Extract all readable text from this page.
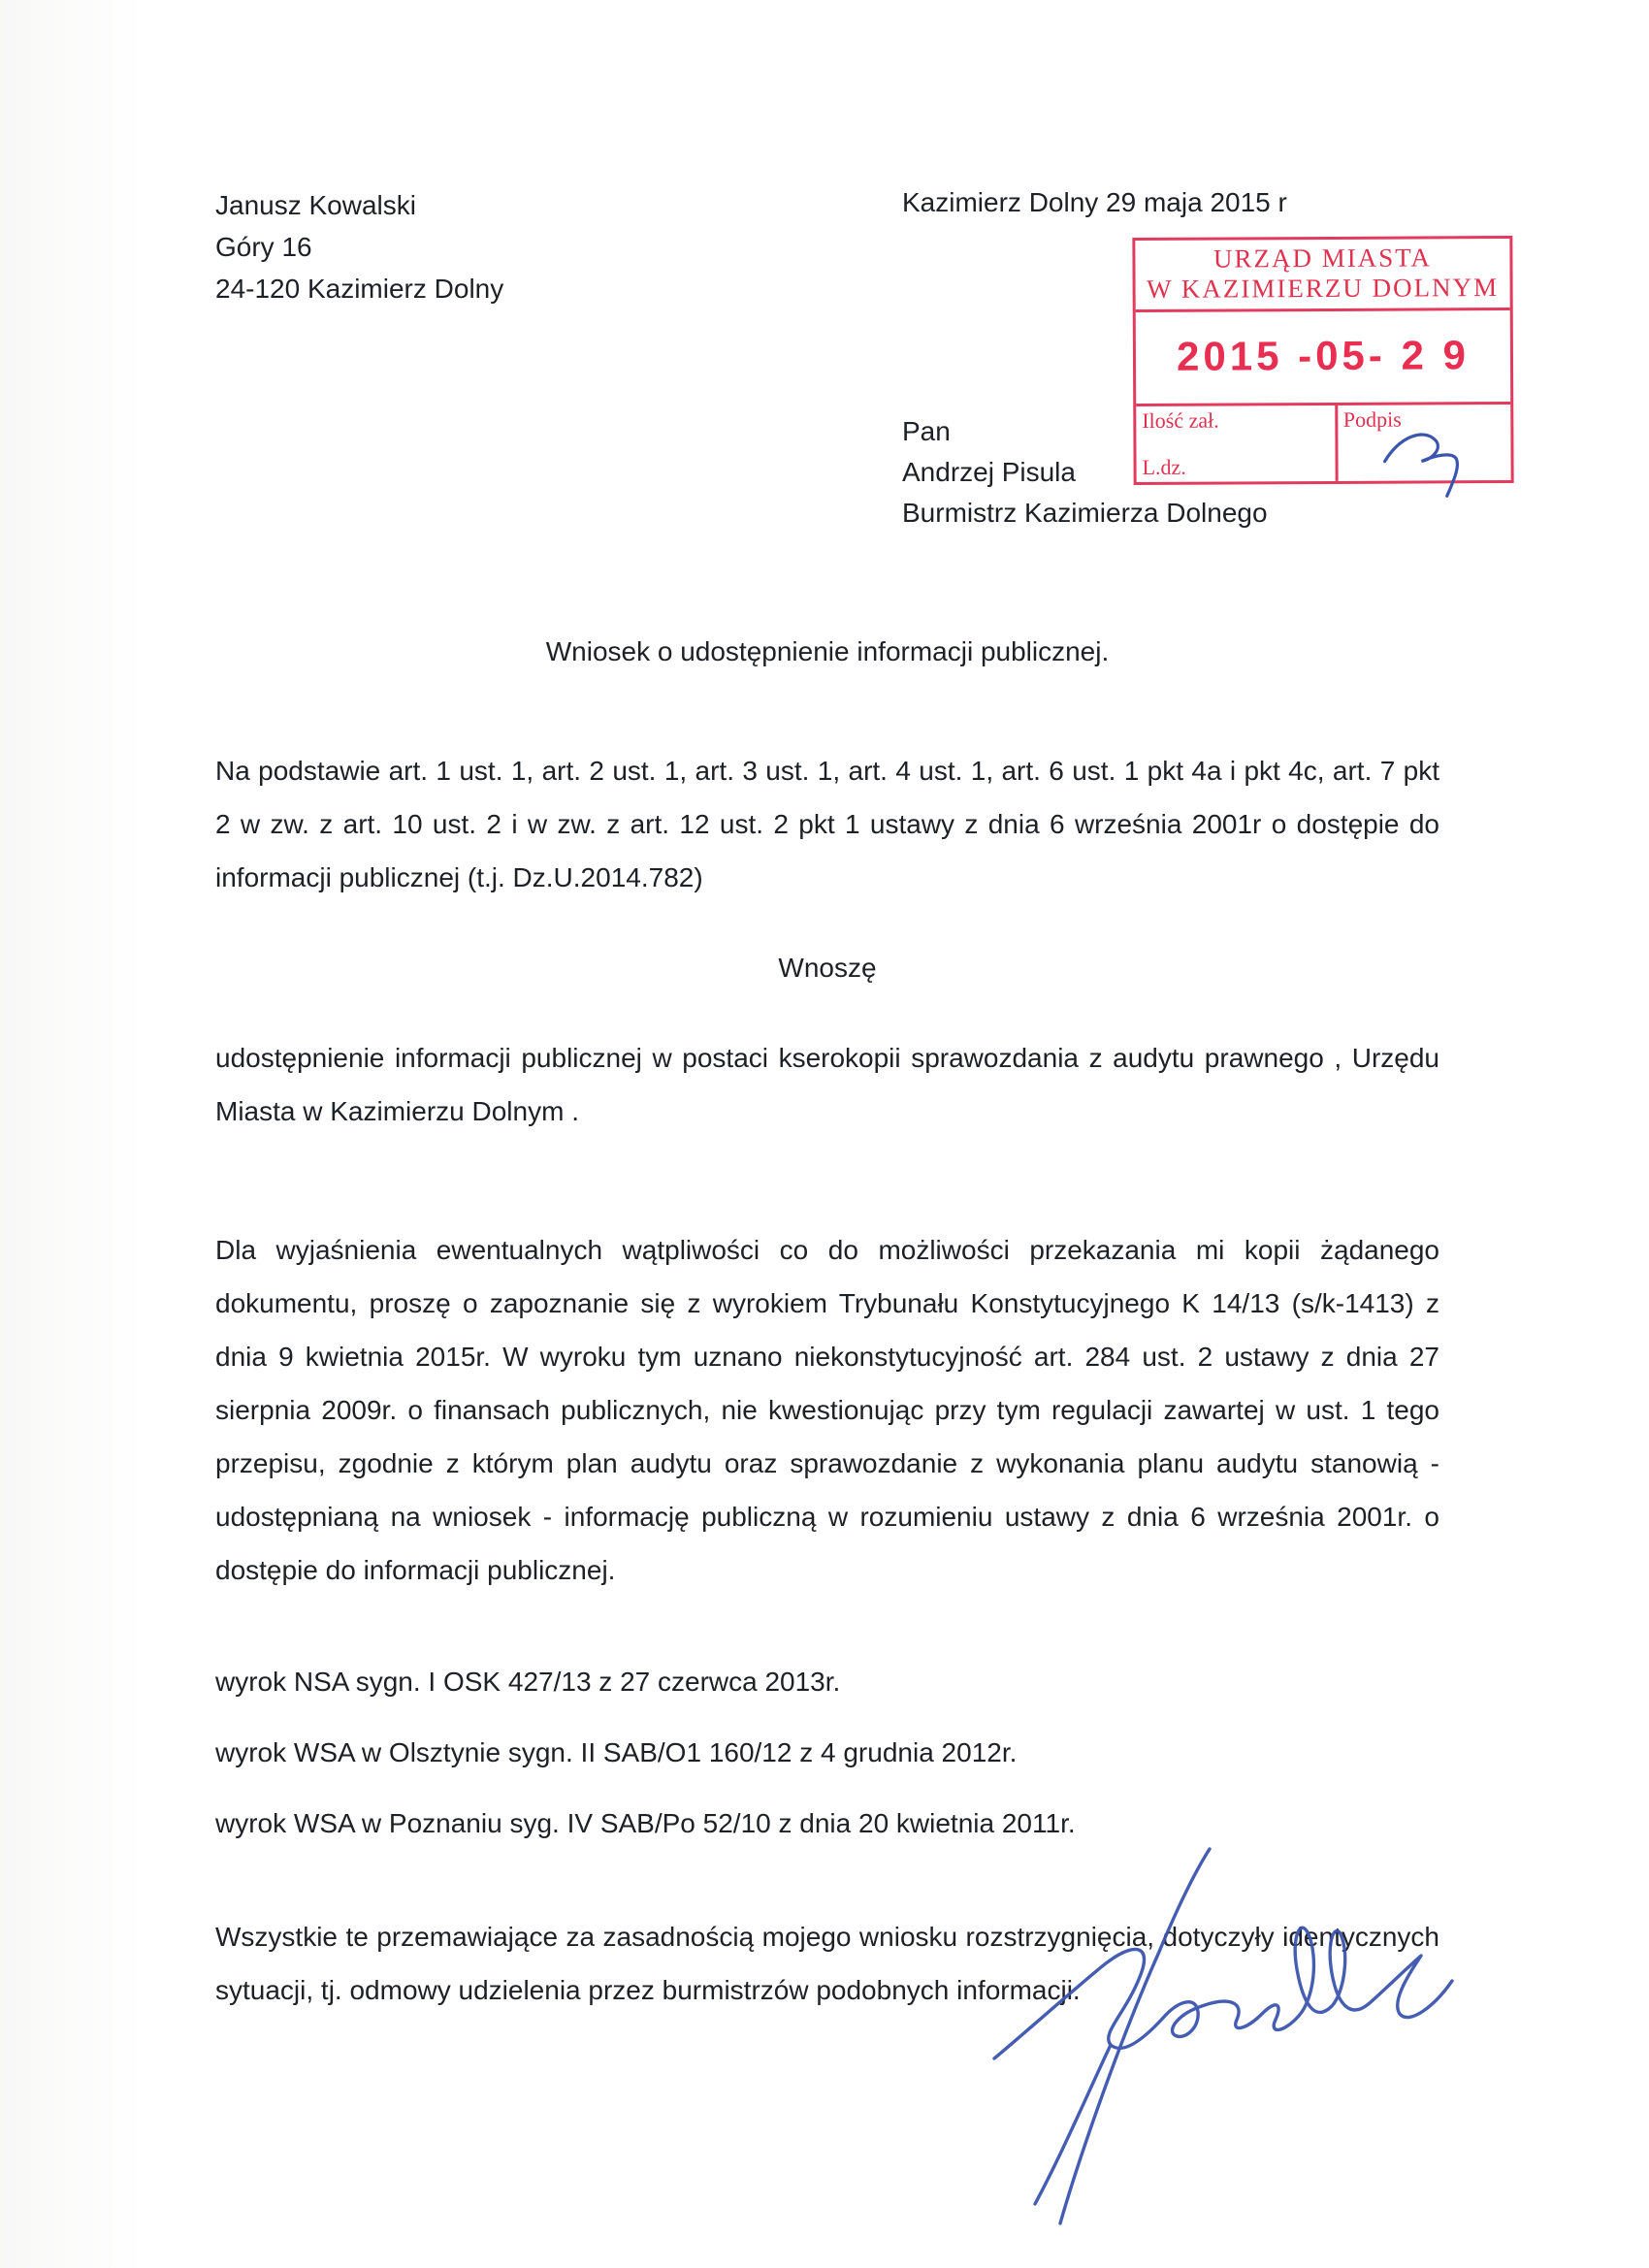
Janusz Kowalski
Góry 16
24-120 Kazimierz Dolny
Kazimierz Dolny 29 maja 2015 r
URZĄD MIASTA
W KAZIMIERZU DOLNYM
2015 -05- 2 9
Ilość zał.
L.dz.
Podpis
Pan
Andrzej Pisula
Burmistrz Kazimierza Dolnego
Wniosek o udostępnienie informacji publicznej.

Na podstawie art. 1 ust. 1, art. 2 ust. 1, art. 3 ust. 1, art. 4 ust. 1, art. 6 ust. 1 pkt 4a i pkt 4c, art. 7 pkt 2 w zw. z art. 10 ust. 2 i w zw. z art. 12 ust. 2 pkt 1 ustawy z dnia 6 września 2001r o dostępie do informacji publicznej (t.j. Dz.U.2014.782)

Wnoszę

udostępnienie informacji publicznej w postaci kserokopii sprawozdania z audytu prawnego , Urzędu Miasta w Kazimierzu Dolnym .

Dla wyjaśnienia ewentualnych wątpliwości co do możliwości przekazania mi kopii żądanego dokumentu, proszę o zapoznanie się z wyrokiem Trybunału Konstytucyjnego K 14/13 (s/k-1413) z dnia 9 kwietnia 2015r. W wyroku tym uznano niekonstytucyjność art. 284 ust. 2 ustawy z dnia 27 sierpnia 2009r. o finansach publicznych, nie kwestionując przy tym regulacji zawartej w ust. 1 tego przepisu, zgodnie z którym plan audytu oraz sprawozdanie z wykonania planu audytu stanowią - udostępnianą na wniosek - informację publiczną w rozumieniu ustawy z dnia 6 września 2001r. o dostępie do informacji publicznej.

wyrok NSA sygn. I OSK 427/13 z 27 czerwca 2013r.

wyrok WSA w Olsztynie sygn. II SAB/O1 160/12 z 4 grudnia 2012r.

wyrok WSA w Poznaniu syg. IV SAB/Po 52/10 z dnia 20 kwietnia 2011r.

Wszystkie te przemawiające za zasadnością mojego wniosku rozstrzygnięcia, dotyczyły identycznych sytuacji, tj. odmowy udzielenia przez burmistrzów podobnych informacji.
